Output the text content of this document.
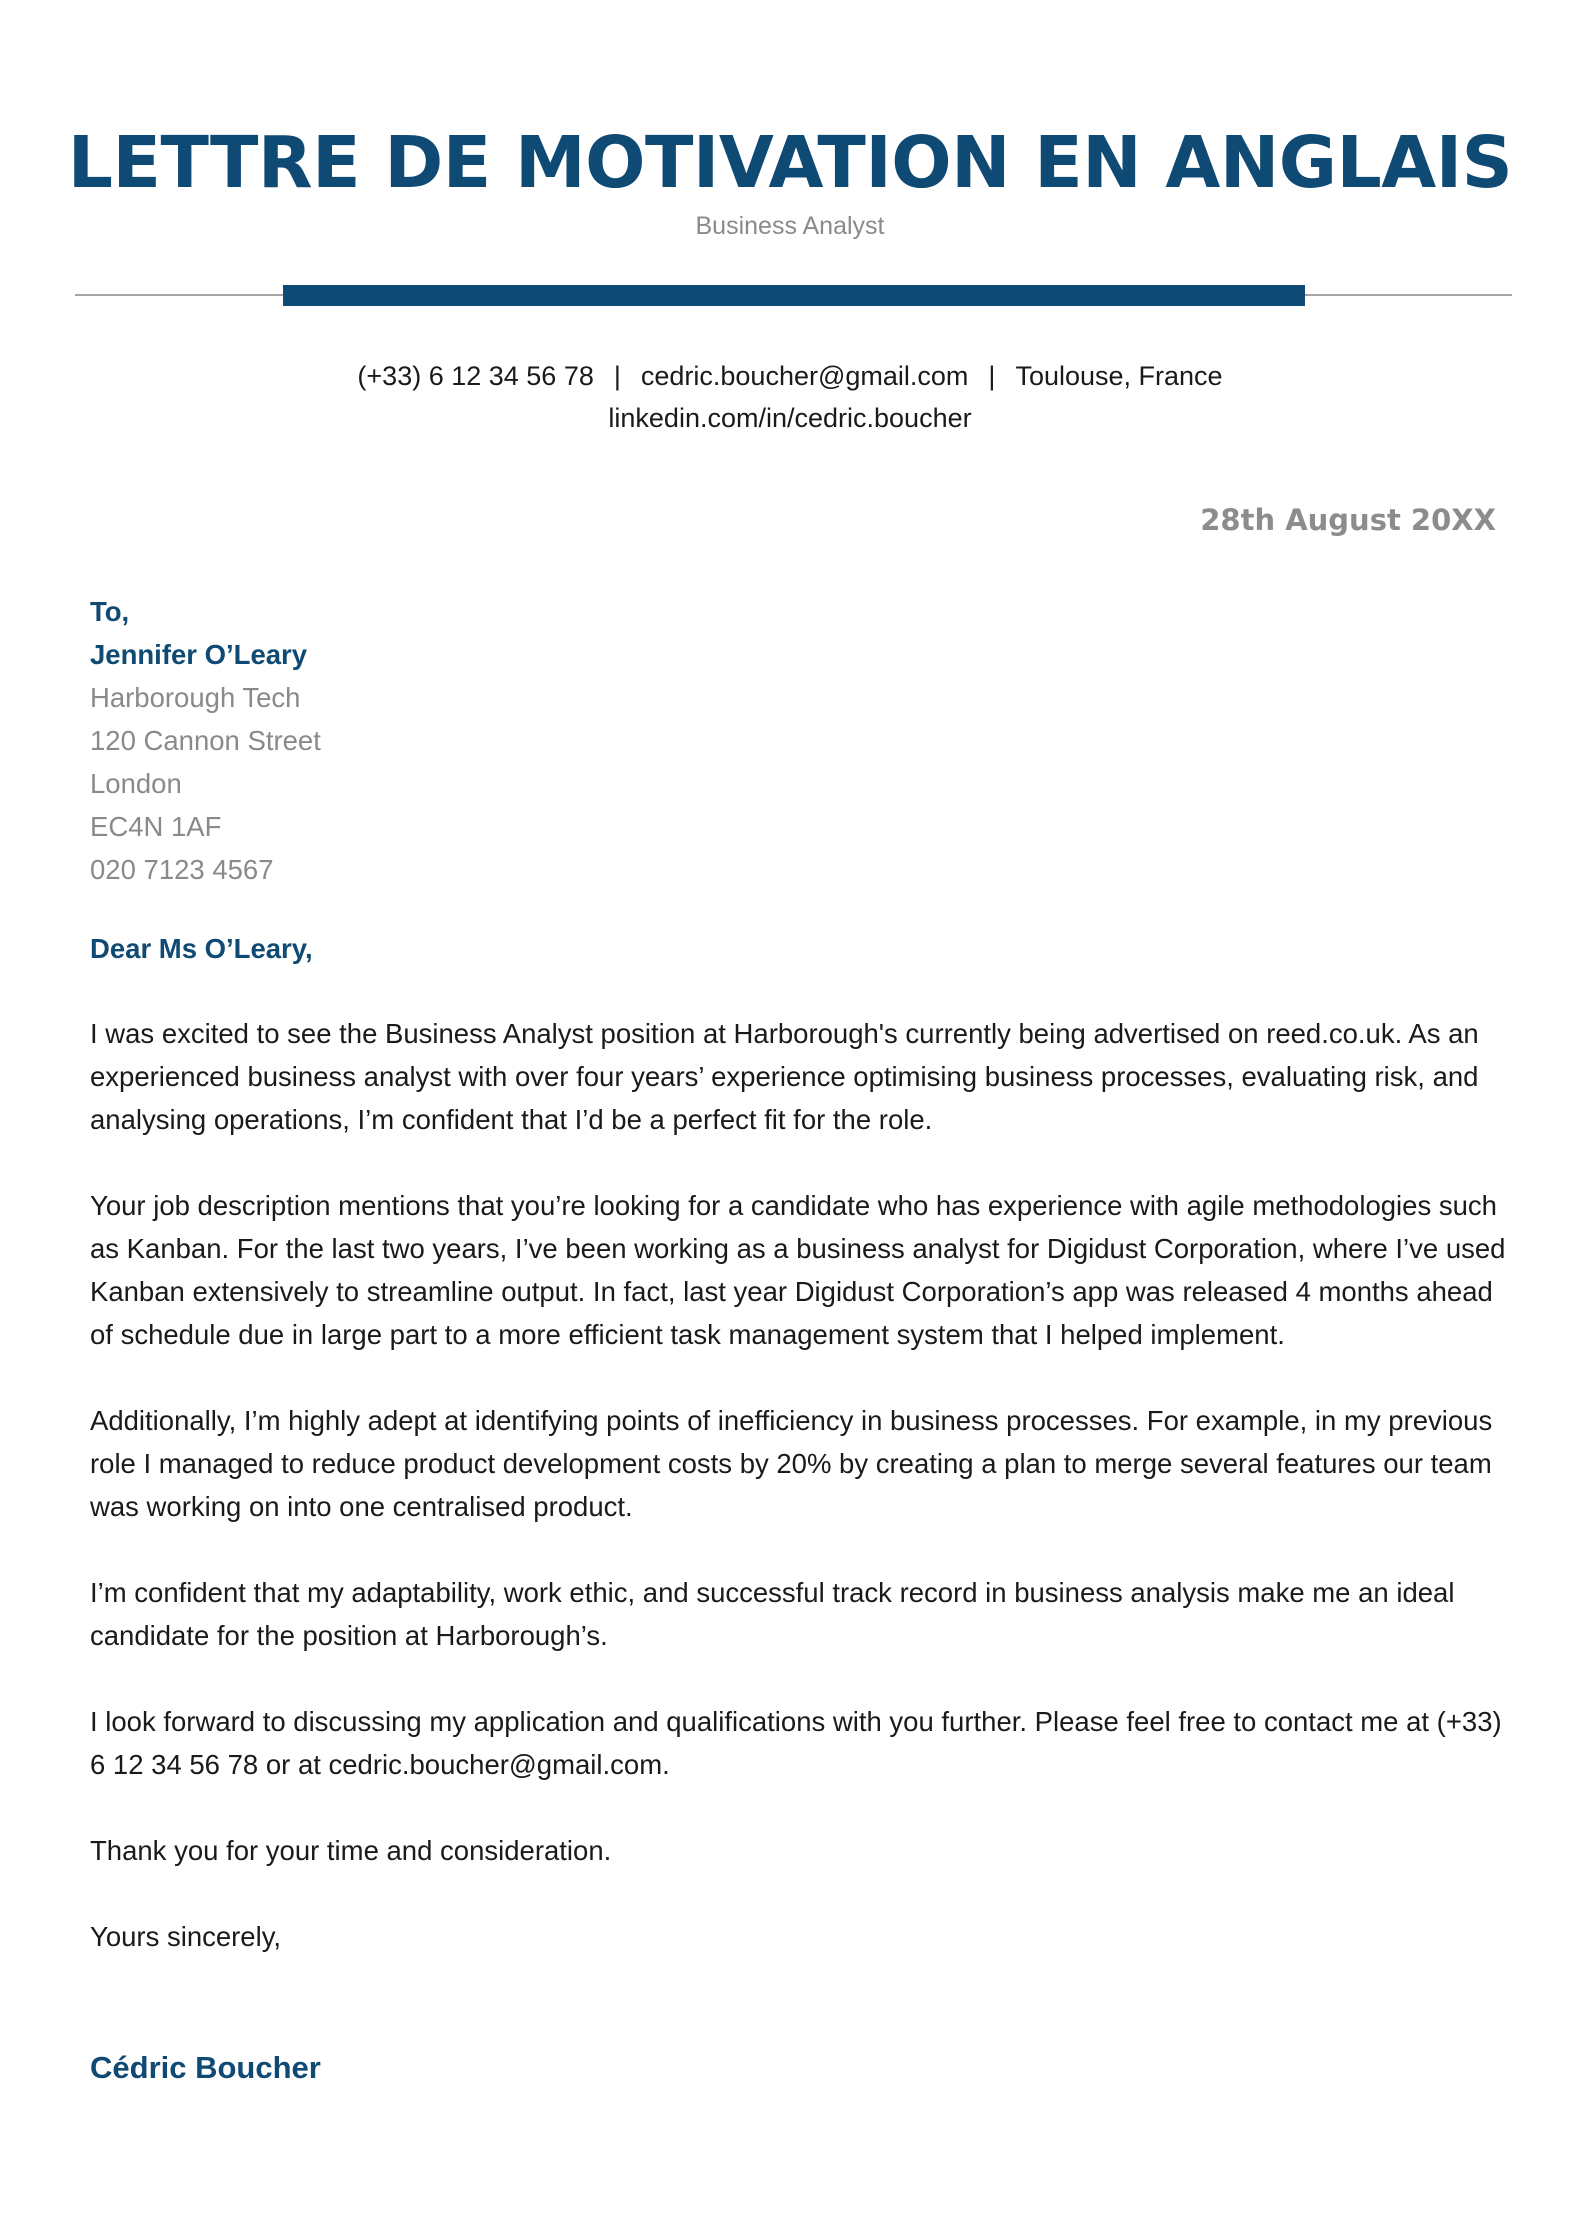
LETTRE DE MOTIVATION EN ANGLAIS
Business Analyst
(+33) 6 12 34 56 78 | cedric.boucher@gmail.com | Toulouse, France
linkedin.com/in/cedric.boucher
28th August 20XX
To,
Jennifer O’Leary
Harborough Tech
120 Cannon Street
London
EC4N 1AF
020 7123 4567
Dear Ms O’Leary,

I was excited to see the Business Analyst position at Harborough's currently being advertised on reed.co.uk. As an experienced business analyst with over four years’ experience optimising business processes, evaluating risk, and analysing operations, I’m confident that I’d be a perfect fit for the role.

Your job description mentions that you’re looking for a candidate who has experience with agile methodologies such as Kanban. For the last two years, I’ve been working as a business analyst for Digidust Corporation, where I’ve used Kanban extensively to streamline output. In fact, last year Digidust Corporation’s app was released 4 months ahead of schedule due in large part to a more efficient task management system that I helped implement.

Additionally, I’m highly adept at identifying points of inefficiency in business processes. For example, in my previous role I managed to reduce product development costs by 20% by creating a plan to merge several features our team was working on into one centralised product.

I’m confident that my adaptability, work ethic, and successful track record in business analysis make me an ideal candidate for the position at Harborough’s.

I look forward to discussing my application and qualifications with you further. Please feel free to contact me at (+33) 6 12 34 56 78 or at cedric.boucher@gmail.com.

Thank you for your time and consideration.

Yours sincerely,

Cédric Boucher
